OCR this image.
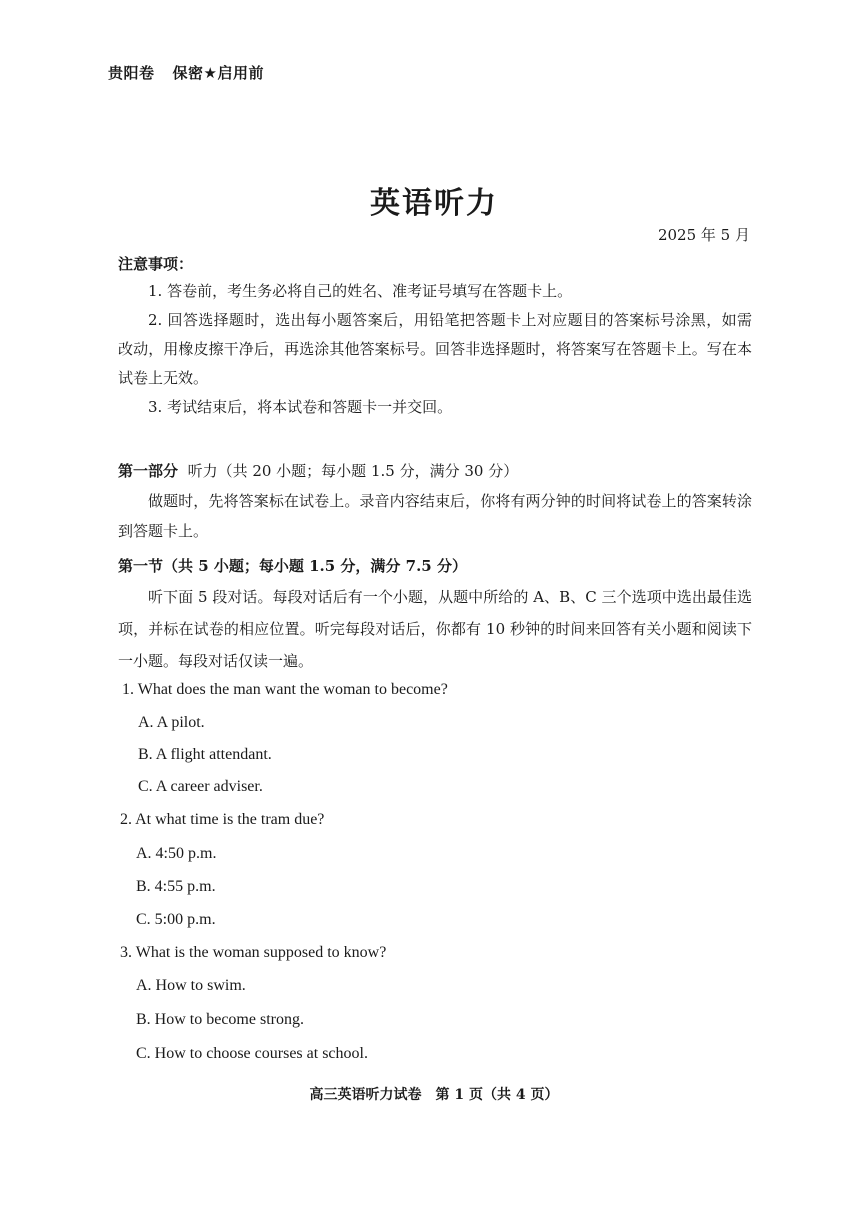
贵阳卷 保密★启用前
英语听力
2025 年 5 月
注意事项：
1. 答卷前，考生务必将自己的姓名、准考证号填写在答题卡上。
2. 回答选择题时，选出每小题答案后，用铅笔把答题卡上对应题目的答案标号涂黑，如需改动，用橡皮擦干净后，再选涂其他答案标号。回答非选择题时，将答案写在答题卡上。写在本试卷上无效。
3. 考试结束后，将本试卷和答题卡一并交回。
第一部分 听力（共 20 小题；每小题 1.5 分，满分 30 分）
做题时，先将答案标在试卷上。录音内容结束后，你将有两分钟的时间将试卷上的答案转涂到答题卡上。
第一节（共 5 小题；每小题 1.5 分，满分 7.5 分）
听下面 5 段对话。每段对话后有一个小题，从题中所给的 A、B、C 三个选项中选出最佳选项，并标在试卷的相应位置。听完每段对话后，你都有 10 秒钟的时间来回答有关小题和阅读下一小题。每段对话仅读一遍。
1. What does the man want the woman to become?
A. A pilot.
B. A flight attendant.
C. A career adviser.
2. At what time is the tram due?
A. 4:50 p.m.
B. 4:55 p.m.
C. 5:00 p.m.
3. What is the woman supposed to know?
A. How to swim.
B. How to become strong.
C. How to choose courses at school.
高三英语听力试卷　第 1 页（共 4 页）
